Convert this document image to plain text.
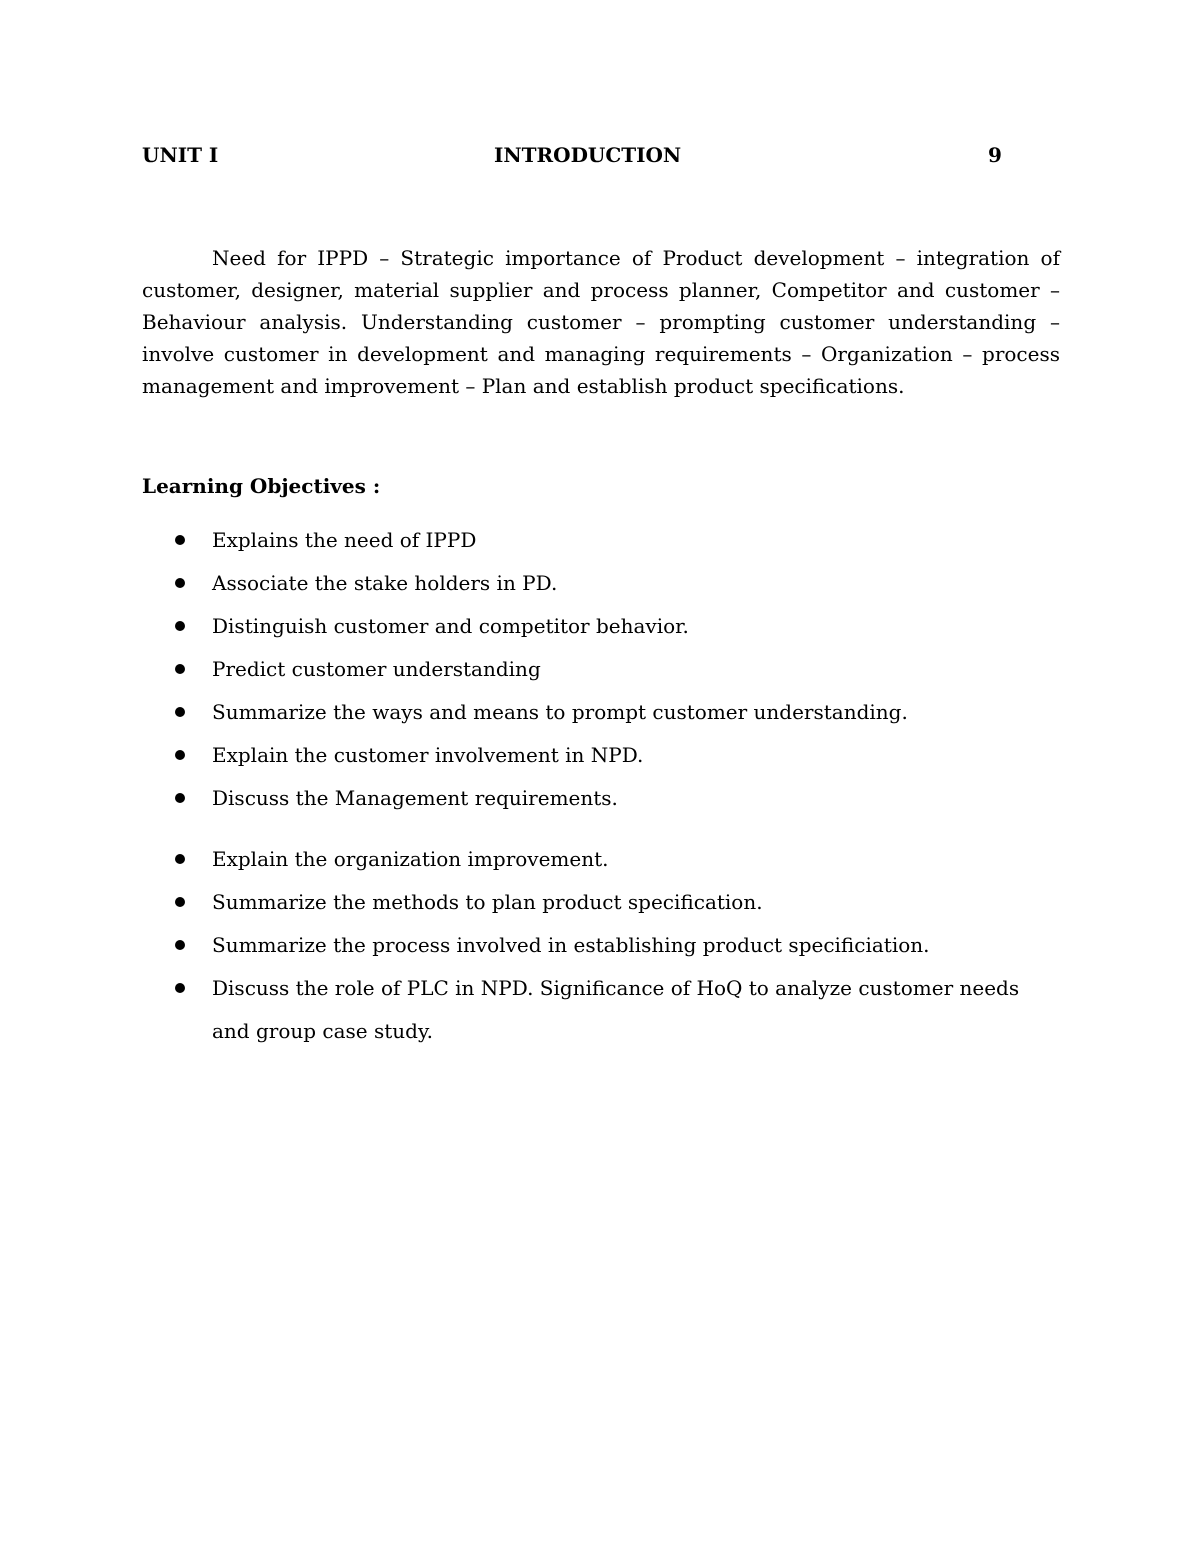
UNIT I	INTRODUCTION	9

Need for IPPD – Strategic importance of Product development – integration of customer, designer, material supplier and process planner, Competitor and customer – Behaviour analysis. Understanding customer – prompting customer understanding – involve customer in development and managing requirements – Organization – process management and improvement – Plan and establish product specifications.

Learning Objectives :

Explains the need of IPPD
Associate the stake holders in PD.
Distinguish customer and competitor behavior.
Predict customer understanding
Summarize the ways and means to prompt customer understanding.
Explain the customer involvement in NPD.
Discuss the Management requirements.
Explain the organization improvement.
Summarize the methods to plan product specification.
Summarize the process involved in establishing product specificiation.
Discuss the role of PLC in NPD. Significance of HoQ to analyze customer needs and group case study.
